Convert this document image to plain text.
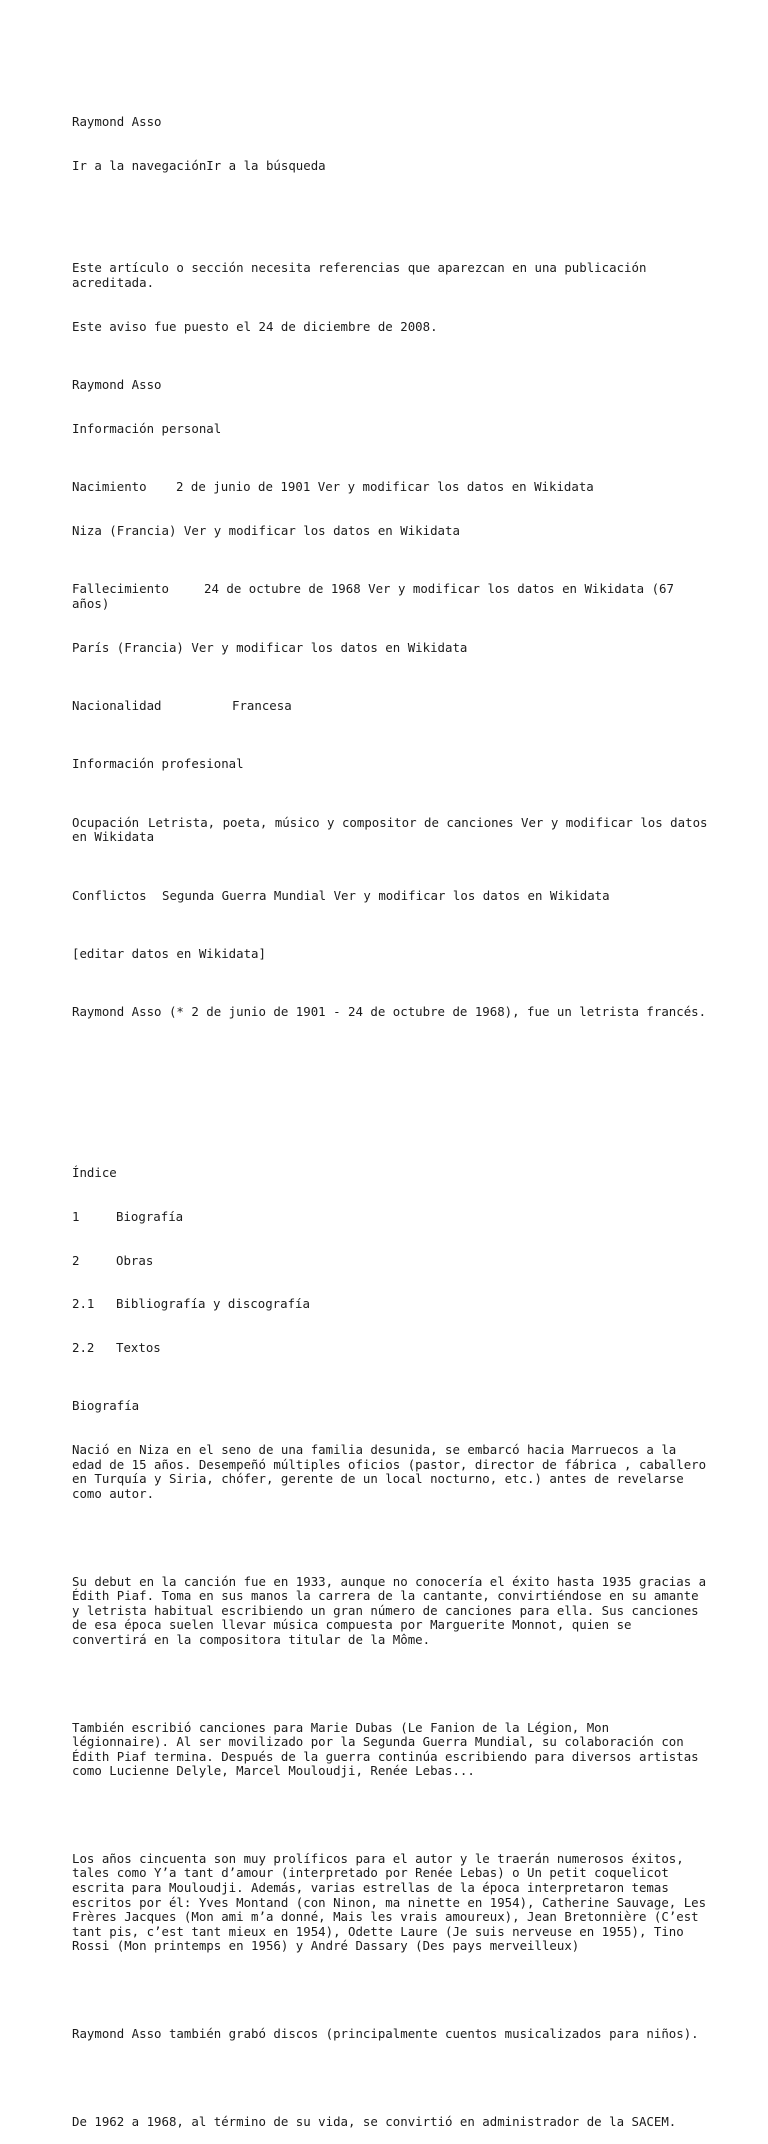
Raymond Asso

Ir a la navegaciónIr a la búsqueda

Este artículo o sección necesita referencias que aparezcan en una publicación acreditada.

Este aviso fue puesto el 24 de diciembre de 2008.

Raymond Asso

Información personal

Nacimiento 2 de junio de 1901 Ver y modificar los datos en Wikidata

Niza (Francia) Ver y modificar los datos en Wikidata

Fallecimiento	24 de octubre de 1968 Ver y modificar los datos en Wikidata (67 años)

París (Francia) Ver y modificar los datos en Wikidata

Nacionalidad	Francesa

Información profesional

Ocupación Letrista, poeta, músico y compositor de canciones Ver y modificar los datos en Wikidata

Conflictos Segunda Guerra Mundial Ver y modificar los datos en Wikidata

[editar datos en Wikidata]

Raymond Asso (* 2 de junio de 1901 - 24 de octubre de 1968), fue un letrista francés.

Índice

1	Biografía

2	Obras

2.1 Bibliografía y discografía

2.2 Textos

Biografía

Nació en Niza en el seno de una familia desunida, se embarcó hacia Marruecos a la edad de 15 años. Desempeñó múltiples oficios (pastor, director de fábrica , caballero en Turquía y Siria, chófer, gerente de un local nocturno, etc.) antes de revelarse como autor.

Su debut en la canción fue en 1933, aunque no conocería el éxito hasta 1935 gracias a Édith Piaf. Toma en sus manos la carrera de la cantante, convirtiéndose en su amante y letrista habitual escribiendo un gran número de canciones para ella. Sus canciones de esa época suelen llevar música compuesta por Marguerite Monnot, quien se convertirá en la compositora titular de la Môme.

También escribió canciones para Marie Dubas (Le Fanion de la Légion, Mon légionnaire). Al ser movilizado por la Segunda Guerra Mundial, su colaboración con Édith Piaf termina. Después de la guerra continúa escribiendo para diversos artistas como Lucienne Delyle, Marcel Mouloudji, Renée Lebas...

Los años cincuenta son muy prolíficos para el autor y le traerán numerosos éxitos, tales como Y’a tant d’amour (interpretado por Renée Lebas) o Un petit coquelicot escrita para Mouloudji. Además, varias estrellas de la época interpretaron temas escritos por él: Yves Montand (con Ninon, ma ninette en 1954), Catherine Sauvage, Les Frères Jacques (Mon ami m’a donné, Mais les vrais amoureux), Jean Bretonnière (C’est tant pis, c’est tant mieux en 1954), Odette Laure (Je suis nerveuse en 1955), Tino Rossi (Mon printemps en 1956) y André Dassary (Des pays merveilleux)

Raymond Asso también grabó discos (principalmente cuentos musicalizados para niños).

De 1962 a 1968, al término de su vida, se convirtió en administrador de la SACEM.
